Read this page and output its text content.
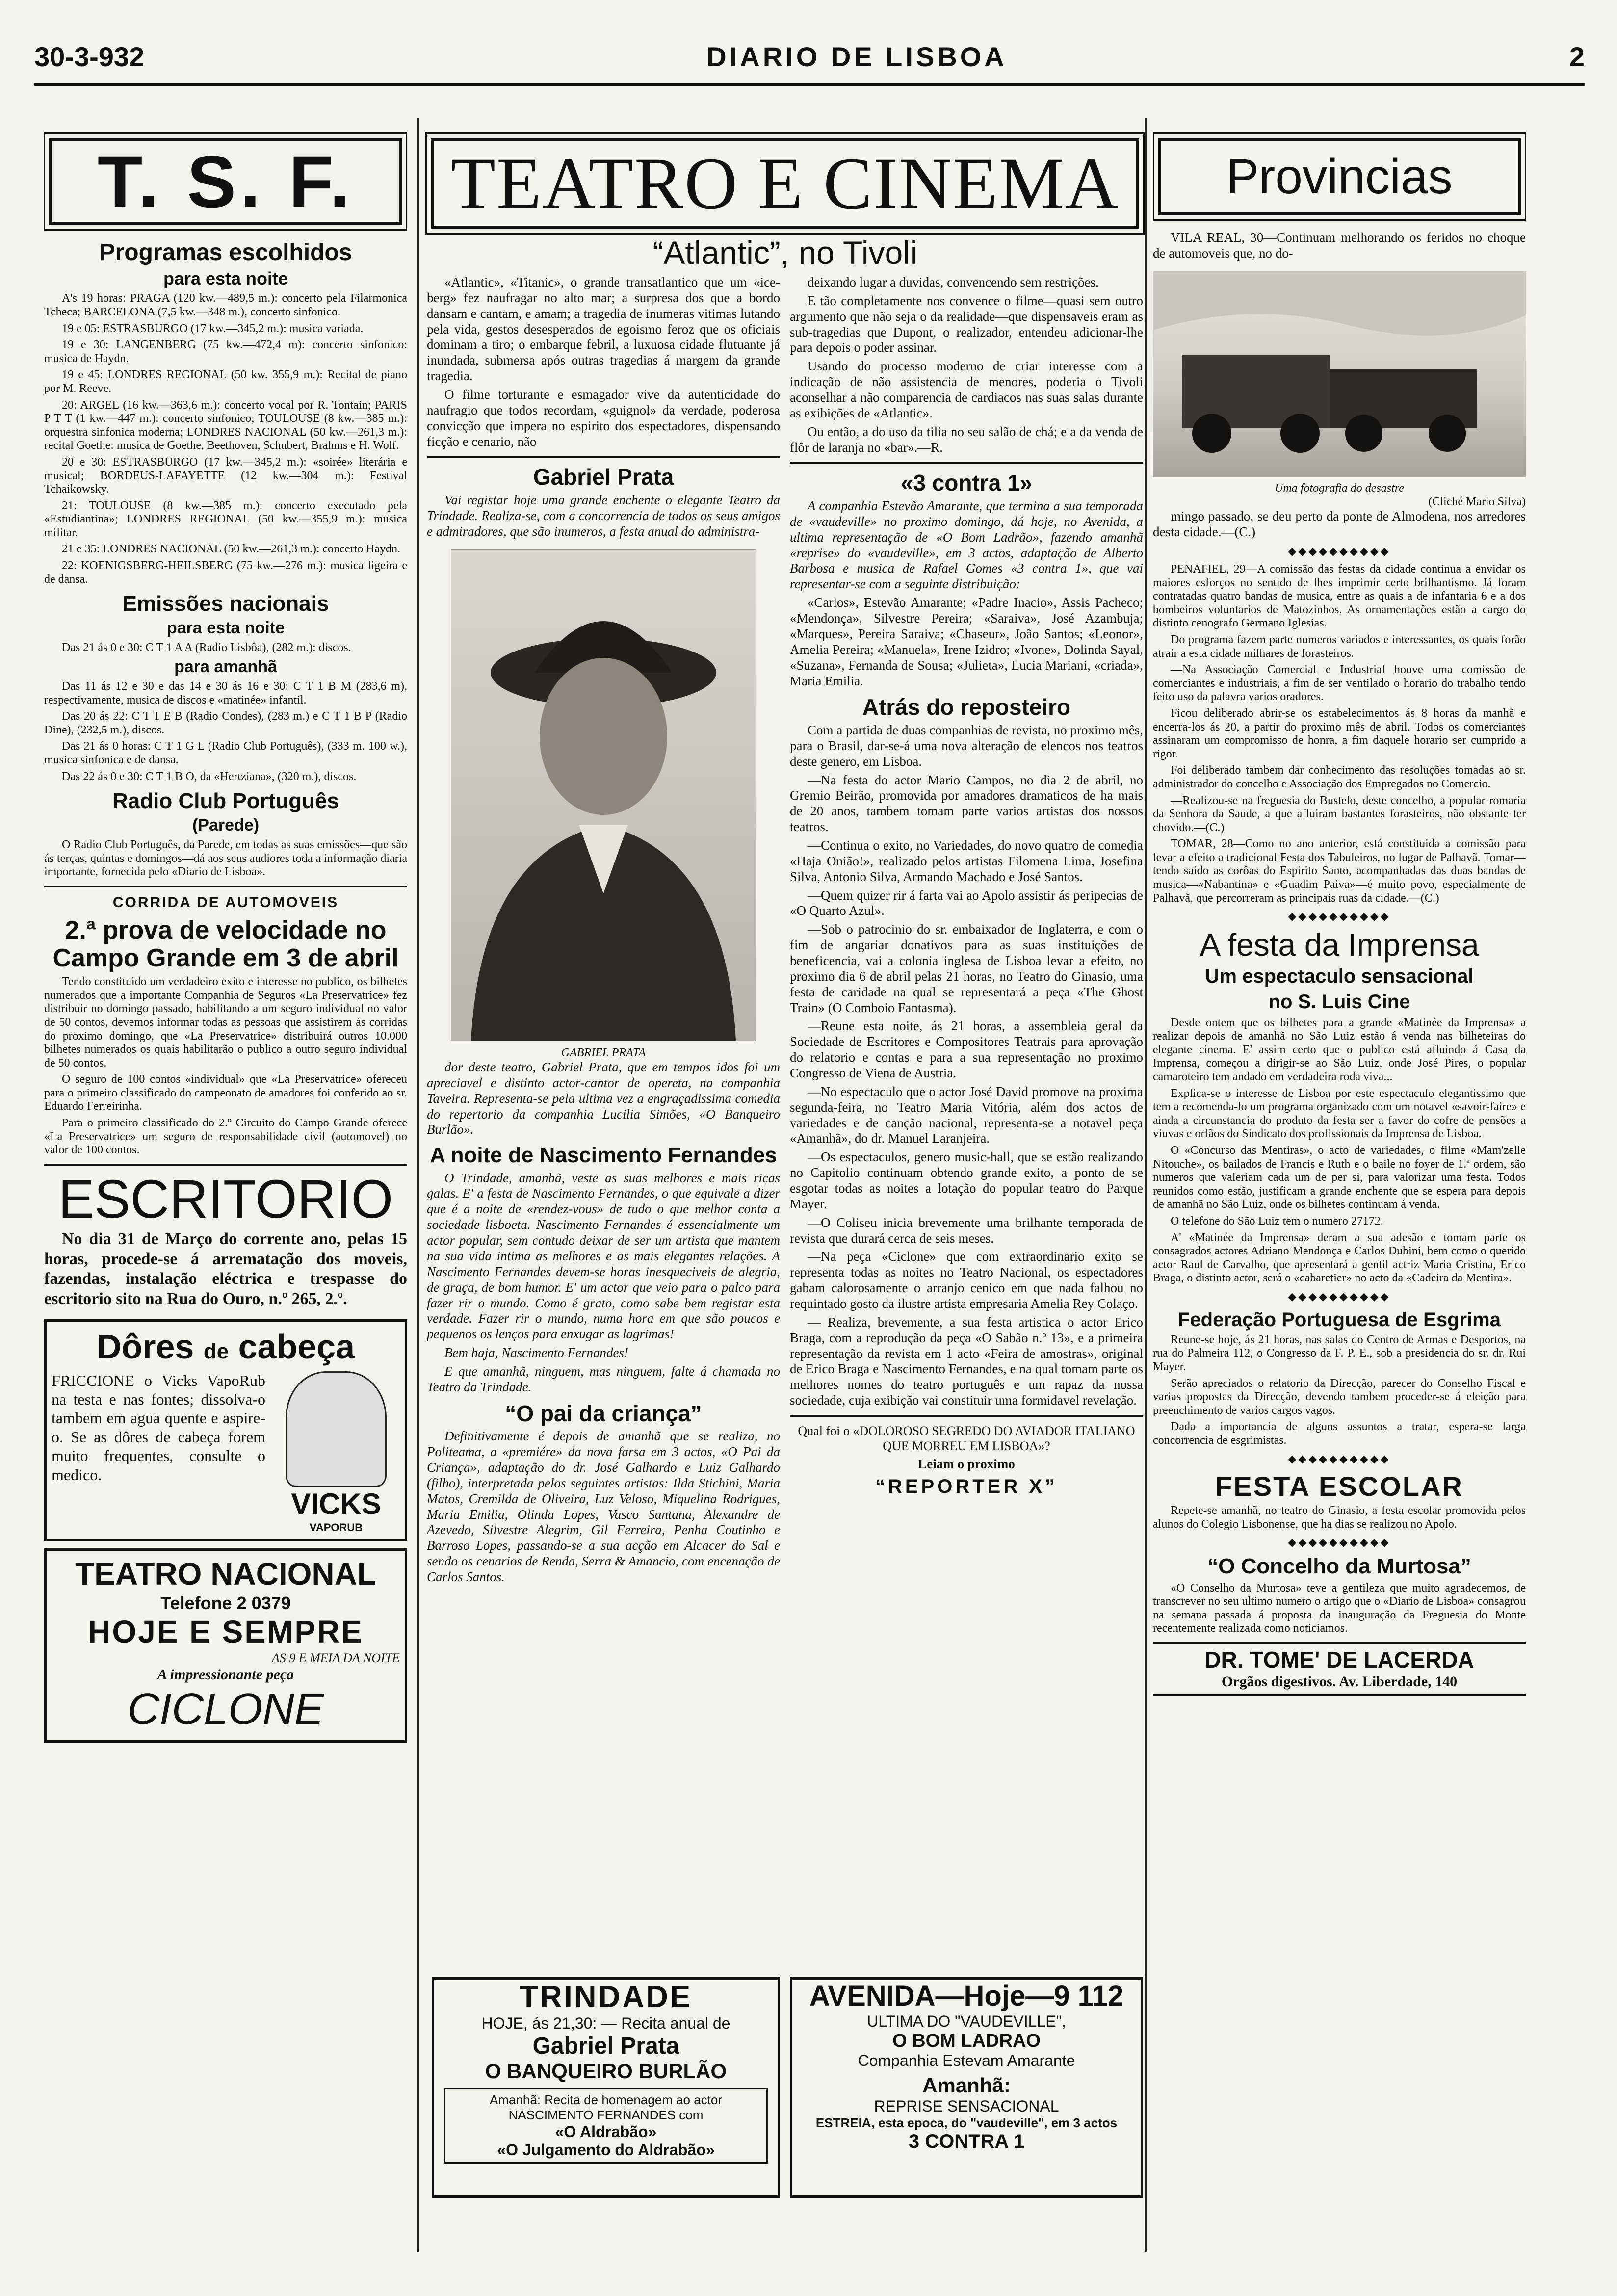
30-3-932	DIARIO DE LISBOA	2
T. S. F.
Programas escolhidos
para esta noite

A's 19 horas: PRAGA (120 kw.—489,5 m.): concerto pela Filarmonica Tcheca; BARCELONA (7,5 kw.—348 m.), concerto sinfonico.

19 e 05: ESTRASBURGO (17 kw.—345,2 m.): musica variada.

19 e 30: LANGENBERG (75 kw.—472,4 m): concerto sinfonico: musica de Haydn.

19 e 45: LONDRES REGIONAL (50 kw. 355,9 m.): Recital de piano por M. Reeve.

20: ARGEL (16 kw.—363,6 m.): concerto vocal por R. Tontain; PARIS P T T (1 kw.—447 m.): concerto sinfonico; TOULOUSE (8 kw.—385 m.): orquestra sinfonica moderna; LONDRES NACIONAL (50 kw.—261,3 m.): recital Goethe: musica de Goethe, Beethoven, Schubert, Brahms e H. Wolf.

20 e 30: ESTRASBURGO (17 kw.—345,2 m.): «soirée» literária e musical; BORDEUS-LAFAYETTE (12 kw.—304 m.): Festival Tchaikowsky.

21: TOULOUSE (8 kw.—385 m.): concerto executado pela «Estudiantina»; LONDRES REGIONAL (50 kw.—355,9 m.): musica militar.

21 e 35: LONDRES NACIONAL (50 kw.—261,3 m.): concerto Haydn.

22: KOENIGSBERG-HEILSBERG (75 kw.—276 m.): musica ligeira e de dansa.

Emissões nacionais
para esta noite

Das 21 ás 0 e 30: C T 1 A A (Radio Lisbôa), (282 m.): discos.

para amanhã

Das 11 ás 12 e 30 e das 14 e 30 ás 16 e 30: C T 1 B M (283,6 m), respectivamente, musica de discos e «matinée» infantil.

Das 20 ás 22: C T 1 E B (Radio Condes), (283 m.) e C T 1 B P (Radio Dine), (232,5 m.), discos.

Das 21 ás 0 horas: C T 1 G L (Radio Club Português), (333 m. 100 w.), musica sinfonica e de dansa.

Das 22 ás 0 e 30: C T 1 B O, da «Hertziana», (320 m.), discos.

Radio Club Português
(Parede)

O Radio Club Português, da Parede, em todas as suas emissões—que são ás terças, quintas e domingos—dá aos seus audiores toda a informação diaria importante, fornecida pelo «Diario de Lisboa».

CORRIDA DE AUTOMOVEIS
2.ª prova de velocidade no Campo Grande em 3 de abril

Tendo constituido um verdadeiro exito e interesse no publico, os bilhetes numerados que a importante Companhia de Seguros «La Preservatrice» fez distribuir no domingo passado, habilitando a um seguro individual no valor de 50 contos, devemos informar todas as pessoas que assistirem ás corridas do proximo domingo, que «La Preservatrice» distribuirá outros 10.000 bilhetes numerados os quais habilitarão o publico a outro seguro individual de 50 contos.

O seguro de 100 contos «individual» que «La Preservatrice» ofereceu para o primeiro classificado do campeonato de amadores foi conferido ao sr. Eduardo Ferreirinha.

Para o primeiro classificado do 2.º Circuito do Campo Grande oferece «La Preservatrice» um seguro de responsabilidade civil (automovel) no valor de 100 contos.

ESCRITORIO

No dia 31 de Março do corrente ano, pelas 15 horas, procede-se á arrematação dos moveis, fazendas, instalação eléctrica e trespasse do escritorio sito na Rua do Ouro, n.º 265, 2.º.

Dôres de cabeça

FRICCIONE o Vicks VapoRub na testa e nas fontes; dissolva-o tambem em agua quente e aspire-o. Se as dôres de cabeça forem muito frequentes, consulte o medico.

VICKS
VAPORUB
TEATRO NACIONAL
Telefone 2 0379
HOJE E SEMPRE
AS 9 E MEIA DA NOITE
A impressionante peça
CICLONE
TEATRO E CINEMA
“Atlantic”, no Tivoli

«Atlantic», «Titanic», o grande transatlantico que um «ice-berg» fez naufragar no alto mar; a surpresa dos que a bordo dansam e cantam, e amam; a tragedia de inumeras vitimas lutando pela vida, gestos desesperados de egoismo feroz que os oficiais dominam a tiro; o embarque febril, a luxuosa cidade flutuante já inundada, submersa após outras tragedias á margem da grande tragedia.

O filme torturante e esmagador vive da autenticidade do naufragio que todos recordam, «guignol» da verdade, poderosa convicção que impera no espirito dos espectadores, dispensando ficção e cenario, não

Gabriel Prata

Vai registar hoje uma grande enchente o elegante Teatro da Trindade. Realiza-se, com a concorrencia de todos os seus amigos e admiradores, que são inumeros, a festa anual do administra-

GABRIEL PRATA

dor deste teatro, Gabriel Prata, que em tempos idos foi um apreciavel e distinto actor-cantor de opereta, na companhia Taveira. Representa-se pela ultima vez a engraçadissima comedia do repertorio da companhia Lucilia Simões, «O Banqueiro Burlão».

A noite de Nascimento Fernandes

O Trindade, amanhã, veste as suas melhores e mais ricas galas. E' a festa de Nascimento Fernandes, o que equivale a dizer que é a noite de «rendez-vous» de tudo o que melhor conta a sociedade lisboeta. Nascimento Fernandes é essencialmente um actor popular, sem contudo deixar de ser um artista que mantem na sua vida intima as melhores e as mais elegantes relações. A Nascimento Fernandes devem-se horas inesqueciveis de alegria, de graça, de bom humor. E' um actor que veio para o palco para fazer rir o mundo. Como é grato, como sabe bem registar esta verdade. Fazer rir o mundo, numa hora em que são poucos e pequenos os lenços para enxugar as lagrimas!

Bem haja, Nascimento Fernandes!

E que amanhã, ninguem, mas ninguem, falte á chamada no Teatro da Trindade.

“O pai da criança”

Definitivamente é depois de amanhã que se realiza, no Politeama, a «premiére» da nova farsa em 3 actos, «O Pai da Criança», adaptação do dr. José Galhardo e Luiz Galhardo (filho), interpretada pelos seguintes artistas: Ilda Stichini, Maria Matos, Cremilda de Oliveira, Luz Veloso, Miquelina Rodrigues, Maria Emilia, Olinda Lopes, Vasco Santana, Alexandre de Azevedo, Silvestre Alegrim, Gil Ferreira, Penha Coutinho e Barroso Lopes, passando-se a sua acção em Alcacer do Sal e sendo os cenarios de Renda, Serra & Amancio, com encenação de Carlos Santos.

deixando lugar a duvidas, convencendo sem restrições.

E tão completamente nos convence o filme—quasi sem outro argumento que não seja o da realidade—que dispensaveis eram as sub-tragedias que Dupont, o realizador, entendeu adicionar-lhe para depois o poder assinar.

Usando do processo moderno de criar interesse com a indicação de não assistencia de menores, poderia o Tivoli aconselhar a não comparencia de cardiacos nas suas salas durante as exibições de «Atlantic».

Ou então, a do uso da tilia no seu salão de chá; e a da venda de flôr de laranja no «bar».—R.

«3 contra 1»

A companhia Estevão Amarante, que termina a sua temporada de «vaudeville» no proximo domingo, dá hoje, no Avenida, a ultima representação de «O Bom Ladrão», fazendo amanhã «reprise» do «vaudeville», em 3 actos, adaptação de Alberto Barbosa e musica de Rafael Gomes «3 contra 1», que vai representar-se com a seguinte distribuição:

«Carlos», Estevão Amarante; «Padre Inacio», Assis Pacheco; «Mendonça», Silvestre Pereira; «Saraiva», José Azambuja; «Marques», Pereira Saraiva; «Chaseur», João Santos; «Leonor», Amelia Pereira; «Manuela», Irene Izidro; «Ivone», Dolinda Sayal, «Suzana», Fernanda de Sousa; «Julieta», Lucia Mariani, «criada», Maria Emilia.

Atrás do reposteiro

Com a partida de duas companhias de revista, no proximo mês, para o Brasil, dar-se-á uma nova alteração de elencos nos teatros deste genero, em Lisboa.

—Na festa do actor Mario Campos, no dia 2 de abril, no Gremio Beirão, promovida por amadores dramaticos de ha mais de 20 anos, tambem tomam parte varios artistas dos nossos teatros.

—Continua o exito, no Variedades, do novo quatro de comedia «Haja Onião!», realizado pelos artistas Filomena Lima, Josefina Silva, Antonio Silva, Armando Machado e José Santos.

—Quem quizer rir á farta vai ao Apolo assistir ás peripecias de «O Quarto Azul».

—Sob o patrocinio do sr. embaixador de Inglaterra, e com o fim de angariar donativos para as suas instituições de beneficencia, vai a colonia inglesa de Lisboa levar a efeito, no proximo dia 6 de abril pelas 21 horas, no Teatro do Ginasio, uma festa de caridade na qual se representará a peça «The Ghost Train» (O Comboio Fantasma).

—Reune esta noite, ás 21 horas, a assembleia geral da Sociedade de Escritores e Compositores Teatrais para aprovação do relatorio e contas e para a sua representação no proximo Congresso de Viena de Austria.

—No espectaculo que o actor José David promove na proxima segunda-feira, no Teatro Maria Vitória, além dos actos de variedades e de canção nacional, representa-se a notavel peça «Amanhã», do dr. Manuel Laranjeira.

—Os espectaculos, genero music-hall, que se estão realizando no Capitolio continuam obtendo grande exito, a ponto de se esgotar todas as noites a lotação do popular teatro do Parque Mayer.

—O Coliseu inicia brevemente uma brilhante temporada de revista que durará cerca de seis meses.

—Na peça «Ciclone» que com extraordinario exito se representa todas as noites no Teatro Nacional, os espectadores gabam calorosamente o arranjo cenico em que nada falhou no requintado gosto da ilustre artista empresaria Amelia Rey Colaço.

— Realiza, brevemente, a sua festa artistica o actor Erico Braga, com a reprodução da peça «O Sabão n.º 13», e a primeira representação da revista em 1 acto «Feira de amostras», original de Erico Braga e Nascimento Fernandes, e na qual tomam parte os melhores nomes do teatro português e um rapaz da nossa sociedade, cuja exibição vai constituir uma formidavel revelação.

Qual foi o «DOLOROSO SEGREDO DO AVIADOR ITALIANO QUE MORREU EM LISBOA»?

Leiam o proximo

“REPORTER X”

TRINDADE
HOJE, ás 21,30: — Recita anual de
Gabriel Prata
O BANQUEIRO BURLÃO
Amanhã: Recita de homenagem ao actor NASCIMENTO FERNANDES com
«O Aldrabão»
«O Julgamento do Aldrabão»
AVENIDA—Hoje—9 112
ULTIMA DO "VAUDEVILLE",
O BOM LADRAO
Companhia Estevam Amarante
Amanhã:
REPRISE SENSACIONAL
ESTREIA, esta epoca, do "vaudeville", em 3 actos
3 CONTRA 1
Provincias

VILA REAL, 30—Continuam melhorando os feridos no choque de automoveis que, no do-

Uma fotografia do desastre
(Cliché Mario Silva)

mingo passado, se deu perto da ponte de Almodena, nos arredores desta cidade.—(C.)

◆◆◆◆◆◆◆◆◆◆

PENAFIEL, 29—A comissão das festas da cidade continua a envidar os maiores esforços no sentido de lhes imprimir certo brilhantismo. Já foram contratadas quatro bandas de musica, entre as quais a de infantaria 6 e a dos bombeiros voluntarios de Matozinhos. As ornamentações estão a cargo do distinto cenografo Germano Iglesias.

Do programa fazem parte numeros variados e interessantes, os quais forão atrair a esta cidade milhares de forasteiros.

—Na Associação Comercial e Industrial houve uma comissão de comerciantes e industriais, a fim de ser ventilado o horario do trabalho tendo feito uso da palavra varios oradores.

Ficou deliberado abrir-se os estabelecimentos ás 8 horas da manhã e encerra-los ás 20, a partir do proximo mês de abril. Todos os comerciantes assinaram um compromisso de honra, a fim daquele horario ser cumprido a rigor.

Foi deliberado tambem dar conhecimento das resoluções tomadas ao sr. administrador do concelho e Associação dos Empregados no Comercio.

—Realizou-se na freguesia do Bustelo, deste concelho, a popular romaria da Senhora da Saude, a que afluiram bastantes forasteiros, não obstante ter chovido.—(C.)

TOMAR, 28—Como no ano anterior, está constituida a comissão para levar a efeito a tradicional Festa dos Tabuleiros, no lugar de Palhavã. Tomar—tendo saido as corôas do Espirito Santo, acompanhadas das duas bandas de musica—«Nabantina» e «Guadim Paiva»—é muito povo, especialmente de Palhavã, que percorreram as principais ruas da cidade.—(C.)

◆◆◆◆◆◆◆◆◆◆
A festa da Imprensa
Um espectaculo sensacional
no S. Luis Cine

Desde ontem que os bilhetes para a grande «Matinée da Imprensa» a realizar depois de amanhã no São Luiz estão á venda nas bilheteiras do elegante cinema. E' assim certo que o publico está afluindo á Casa da Imprensa, começou a dirigir-se ao São Luiz, onde José Pires, o popular camaroteiro tem andado em verdadeira roda viva...

Explica-se o interesse de Lisboa por este espectaculo elegantissimo que tem a recomenda-lo um programa organizado com um notavel «savoir-faire» e ainda a circunstancia do produto da festa ser a favor do cofre de pensões a viuvas e orfãos do Sindicato dos profissionais da Imprensa de Lisboa.

O «Concurso das Mentiras», o acto de variedades, o filme «Mam'zelle Nitouche», os bailados de Francis e Ruth e o baile no foyer de 1.ª ordem, são numeros que valeriam cada um de per si, para valorizar uma festa. Todos reunidos como estão, justificam a grande enchente que se espera para depois de amanhã no São Luiz, onde os bilhetes continuam á venda.

O telefone do São Luiz tem o numero 27172.

A' «Matinée da Imprensa» deram a sua adesão e tomam parte os consagrados actores Adriano Mendonça e Carlos Dubini, bem como o querido actor Raul de Carvalho, que apresentará a gentil actriz Maria Cristina, Erico Braga, o distinto actor, será o «cabaretier» no acto da «Cadeira da Mentira».

◆◆◆◆◆◆◆◆◆◆
Federação Portuguesa de Esgrima

Reune-se hoje, ás 21 horas, nas salas do Centro de Armas e Desportos, na rua do Palmeira 112, o Congresso da F. P. E., sob a presidencia do sr. dr. Rui Mayer.

Serão apreciados o relatorio da Direcção, parecer do Conselho Fiscal e varias propostas da Direcção, devendo tambem proceder-se á eleição para preenchimento de varios cargos vagos.

Dada a importancia de alguns assuntos a tratar, espera-se larga concorrencia de esgrimistas.

◆◆◆◆◆◆◆◆◆◆
FESTA ESCOLAR

Repete-se amanhã, no teatro do Ginasio, a festa escolar promovida pelos alunos do Colegio Lisbonense, que ha dias se realizou no Apolo.

◆◆◆◆◆◆◆◆◆◆
“O Concelho da Murtosa”

«O Conselho da Murtosa» teve a gentileza que muito agradecemos, de transcrever no seu ultimo numero o artigo que o «Diario de Lisboa» consagrou na semana passada á proposta da inauguração da Freguesia do Monte recentemente realizada como noticiamos.

DR. TOME' DE LACERDA
Orgãos digestivos. Av. Liberdade, 140
